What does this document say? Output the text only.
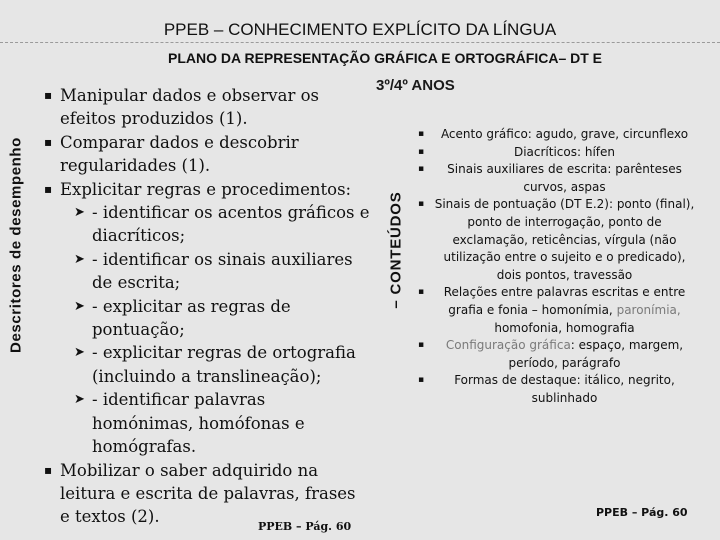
PPEB – CONHECIMENTO EXPLÍCITO DA LÍNGUA
PLANO DA REPRESENTAÇÃO GRÁFICA E ORTOGRÁFICA– DT E
3º/4º ANOS
Descritores de desempenho	– CONTEÚDOS
▪ Manipular dados e observar os efeitos produzidos (1).
▪ Comparar dados e descobrir regularidades (1).
▪ Explicitar regras e procedimentos:
➤ - identificar os acentos gráficos e diacríticos;
➤ - identificar os sinais auxiliares de escrita;
➤ - explicitar as regras de pontuação;
➤ - explicitar regras de ortografia (incluindo a translineação);
➤ - identificar palavras homónimas, homófonas e homógrafas.
▪ Mobilizar o saber adquirido na leitura e escrita de palavras, frases e textos (2).
PPEB – Pág. 60
▪ Acento gráfico: agudo, grave, circunflexo
▪	Diacríticos: hífen
▪ Sinais auxiliares de escrita: parênteses curvos, aspas
▪ Sinais de pontuação (DT E.2): ponto (final), ponto de interrogação, ponto de exclamação, reticências, vírgula (não utilização entre o sujeito e o predicado), dois pontos, travessão
▪ Relações entre palavras escritas e entre grafia e fonia – homonímia, paronímia, homofonia, homografia
▪ Configuração gráfica: espaço, margem, período, parágrafo
▪	Formas de destaque: itálico, negrito, sublinhado
PPEB – Pág. 60
